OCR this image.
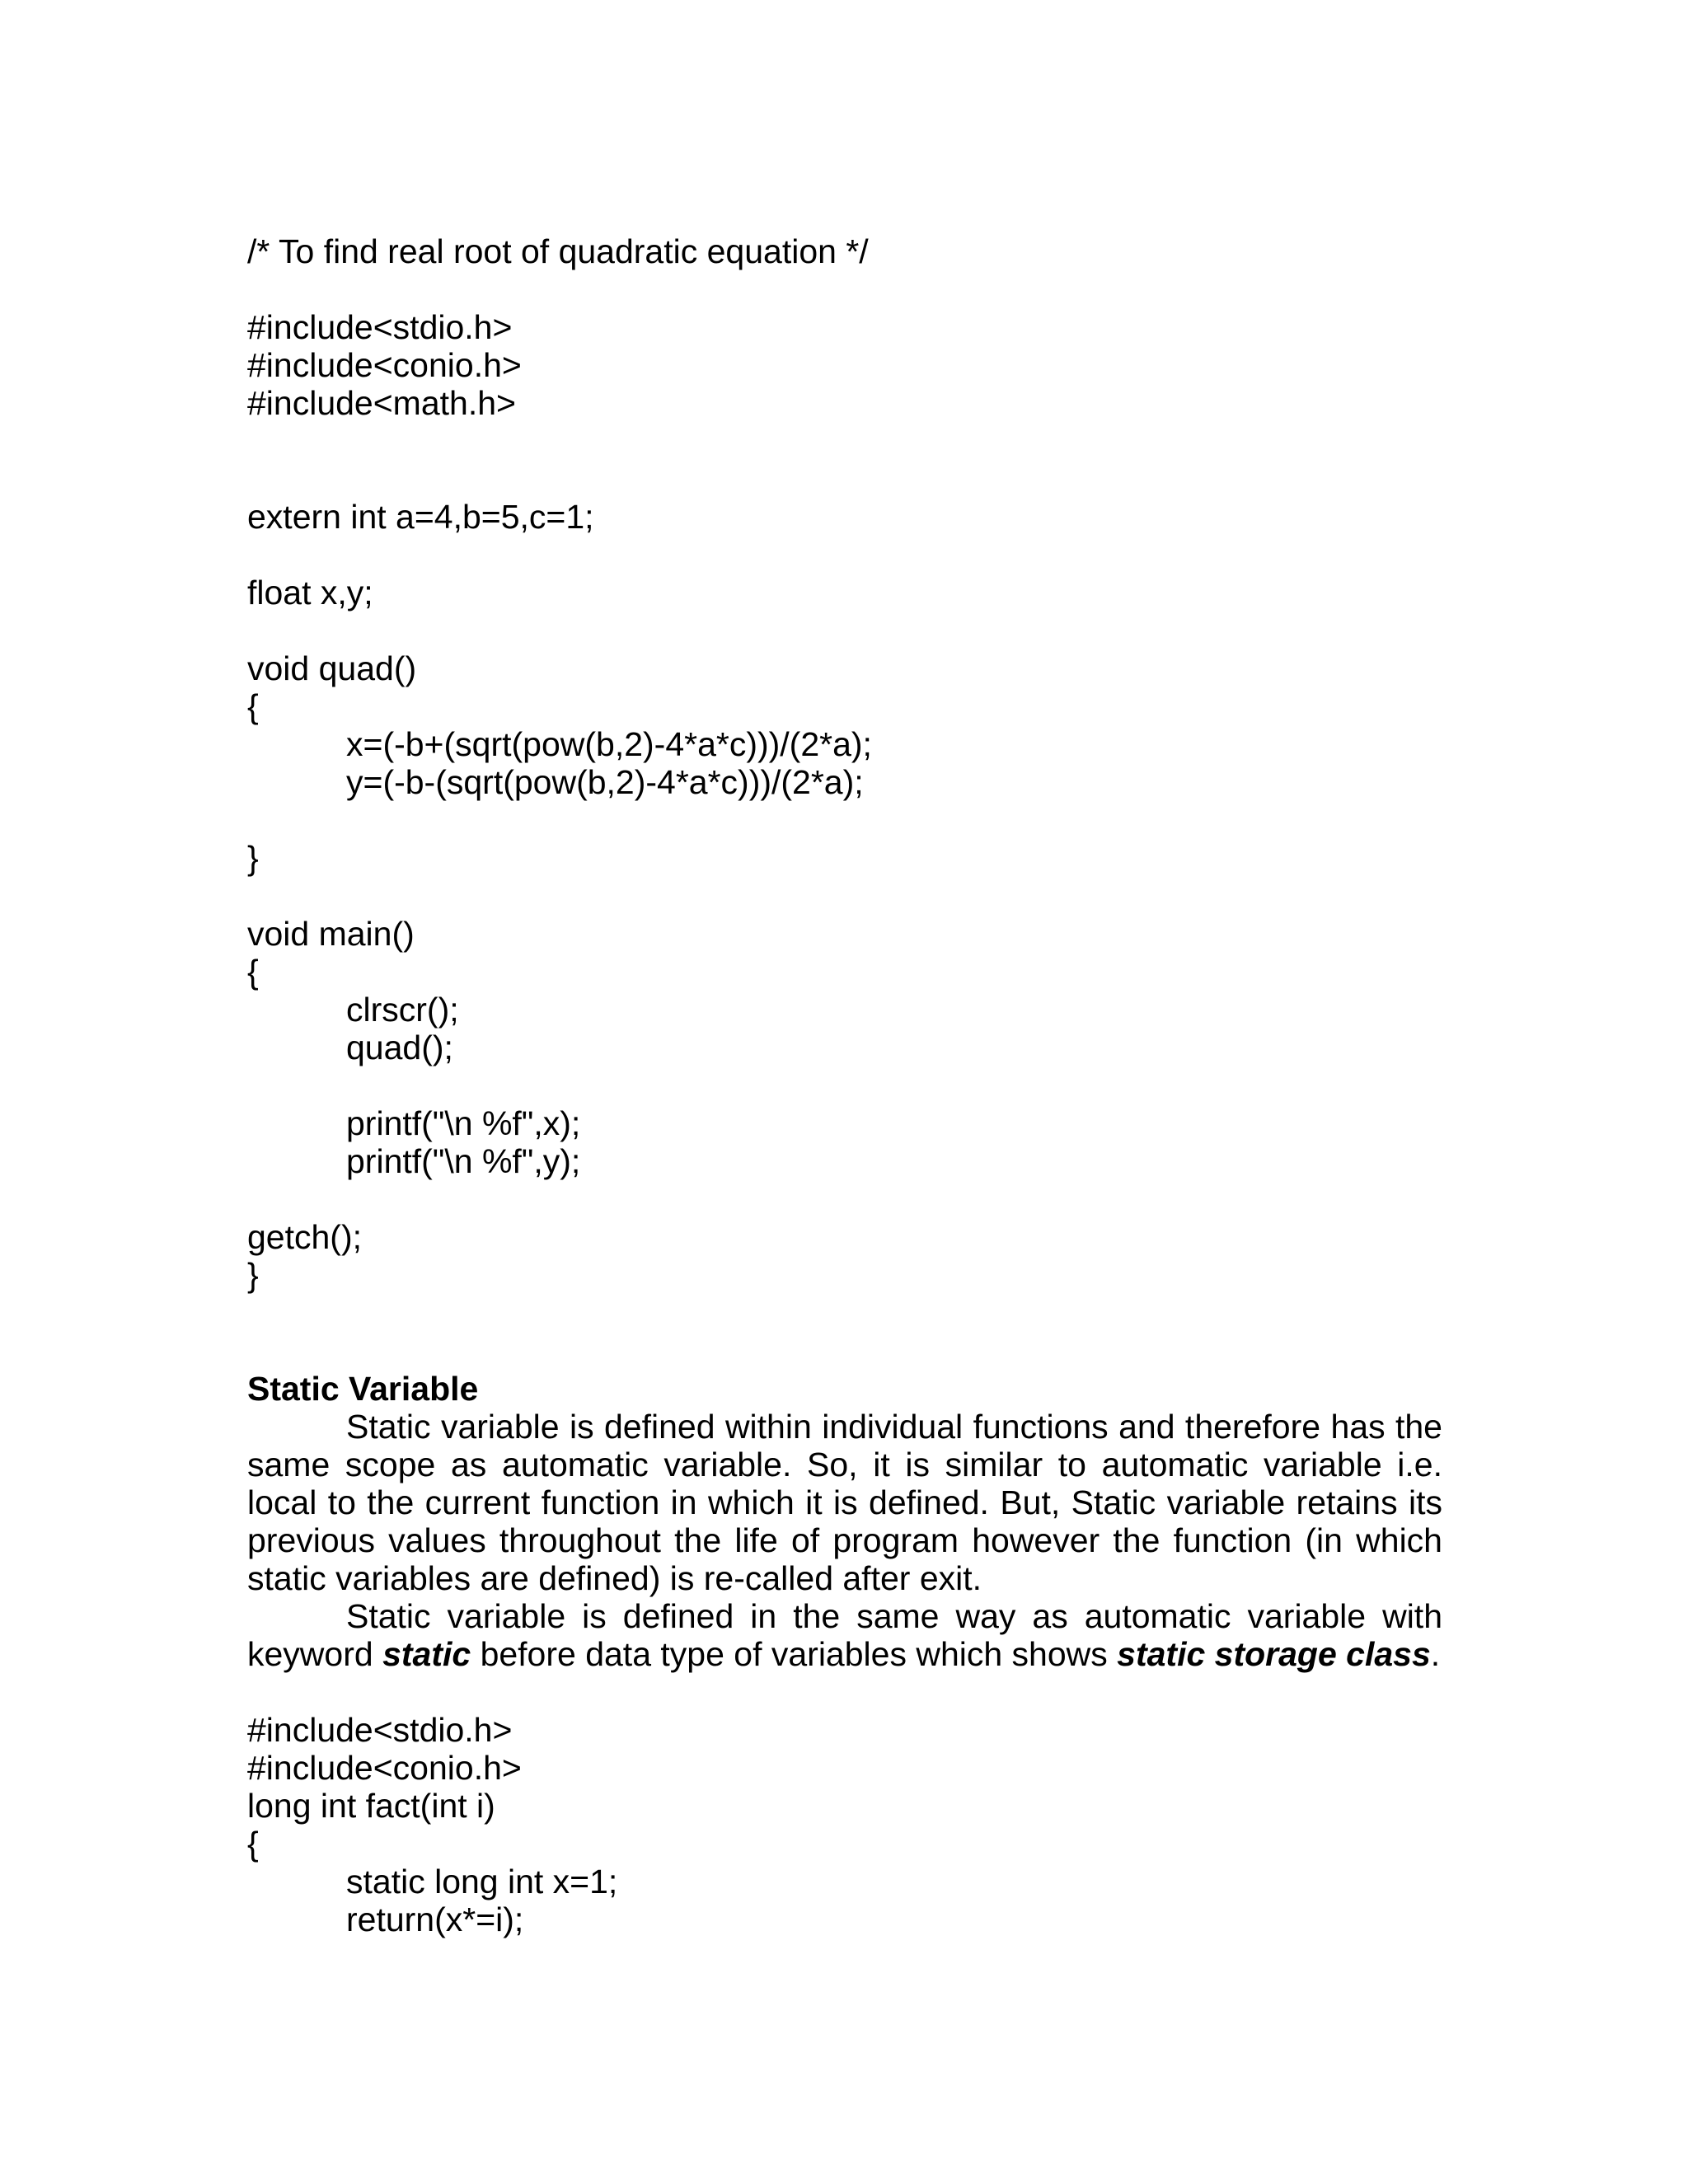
/* To find real root of quadratic equation */
#include<stdio.h>
#include<conio.h>
#include<math.h>
extern int a=4,b=5,c=1;
float x,y;
void quad()
{
x=(-b+(sqrt(pow(b,2)-4*a*c)))/(2*a);
y=(-b-(sqrt(pow(b,2)-4*a*c)))/(2*a);
}
void main()
{
clrscr();
quad();
printf("\n %f",x);
printf("\n %f",y);
getch();
}
Static Variable
Static variable is defined within individual functions and therefore has the same scope as automatic variable. So, it is similar to automatic variable i.e. local to the current function in which it is defined. But, Static variable retains its previous values throughout the life of program however the function (in which static variables are defined) is re-called after exit.
Static variable is defined in the same way as automatic variable with keyword static before data type of variables which shows static storage class.
#include<stdio.h>
#include<conio.h>
long int fact(int i)
{
static long int x=1;
return(x*=i);
